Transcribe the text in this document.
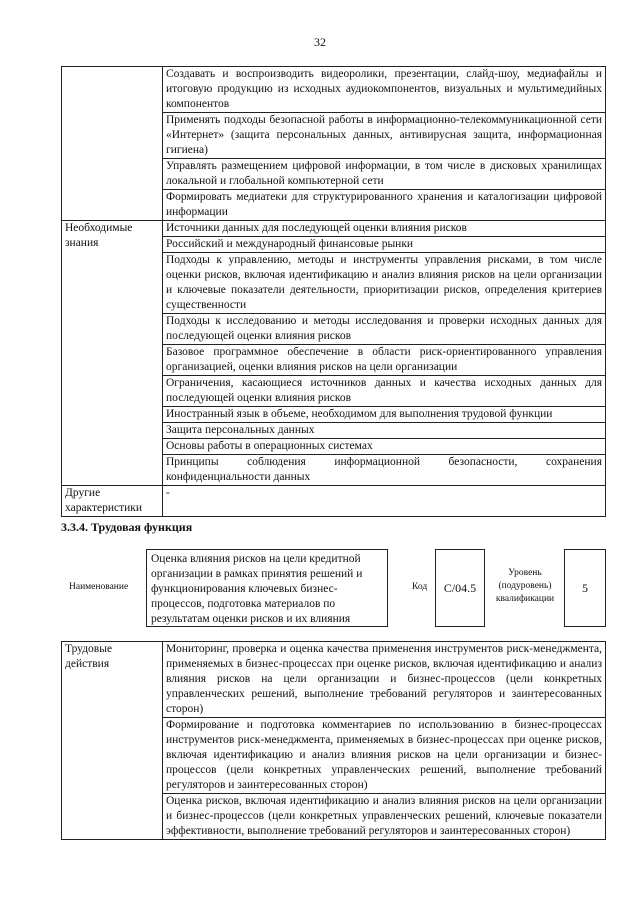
32
	Создавать и воспроизводить видеоролики, презентации, слайд-шоу, медиафайлы и итоговую продукцию из исходных аудиокомпонентов, визуальных и мультимедийных компонентов
	Применять подходы безопасной работы в информационно-телекоммуникационной сети «Интернет» (защита персональных данных, антивирусная защита, информационная гигиена)
	Управлять размещением цифровой информации, в том числе в дисковых хранилищах локальной и глобальной компьютерной сети
	Формировать медиатеки для структурированного хранения и каталогизации цифровой информации
Необходимые знания	Источники данных для последующей оценки влияния рисков
	Российский и международный финансовые рынки
	Подходы к управлению, методы и инструменты управления рисками, в том числе оценки рисков, включая идентификацию и анализ влияния рисков на цели организации и ключевые показатели деятельности, приоритизации рисков, определения критериев существенности
	Подходы к исследованию и методы исследования и проверки исходных данных для последующей оценки влияния рисков
	Базовое программное обеспечение в области риск-ориентированного управления организацией, оценки влияния рисков на цели организации
	Ограничения, касающиеся источников данных и качества исходных данных для последующей оценки влияния рисков
	Иностранный язык в объеме, необходимом для выполнения трудовой функции
	Защита персональных данных
	Основы работы в операционных системах
	Принципы соблюдения информационной безопасности, сохранения конфиденциальности данных
Другие характеристики	-
3.3.4. Трудовая функция
Наименование
Оценка влияния рисков на цели кредитной организации в рамках принятия решений и функционирования ключевых бизнес-процессов, подготовка материалов по результатам оценки рисков и их влияния
Код	C/04.5
Уровень (подуровень) квалификации
5
Трудовые действия	Мониторинг, проверка и оценка качества применения инструментов риск-менеджмента, применяемых в бизнес-процессах при оценке рисков, включая идентификацию и анализ влияния рисков на цели организации и бизнес-процессов (цели конкретных управленческих решений, выполнение требований регуляторов и заинтересованных сторон)
Формирование и подготовка комментариев по использованию в бизнес-процессах инструментов риск-менеджмента, применяемых в бизнес-процессах при оценке рисков, включая идентификацию и анализ влияния рисков на цели организации и бизнес-процессов (цели конкретных управленческих решений, выполнение требований регуляторов и заинтересованных сторон)
Оценка рисков, включая идентификацию и анализ влияния рисков на цели организации и бизнес-процессов (цели конкретных управленческих решений, ключевые показатели эффективности, выполнение требований регуляторов и заинтересованных сторон)
